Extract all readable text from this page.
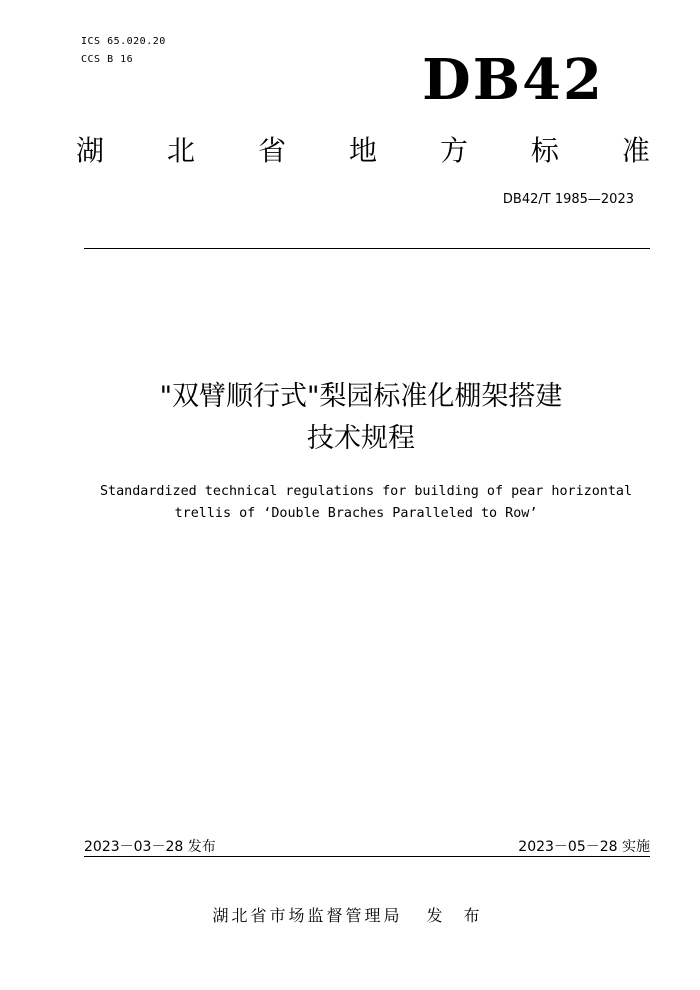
ICS 65.020.20
CCS B 16	DB42
湖 北 省 地 方 标 准
DB42/T 1985—2023
"双臂顺行式"梨园标准化棚架搭建
技术规程
Standardized technical regulations for building of pear horizontal
trellis of ‘Double Braches Paralleled to Row’
2023－03－28 发布	2023－05－28 实施
湖北省市场监督管理局 发 布
